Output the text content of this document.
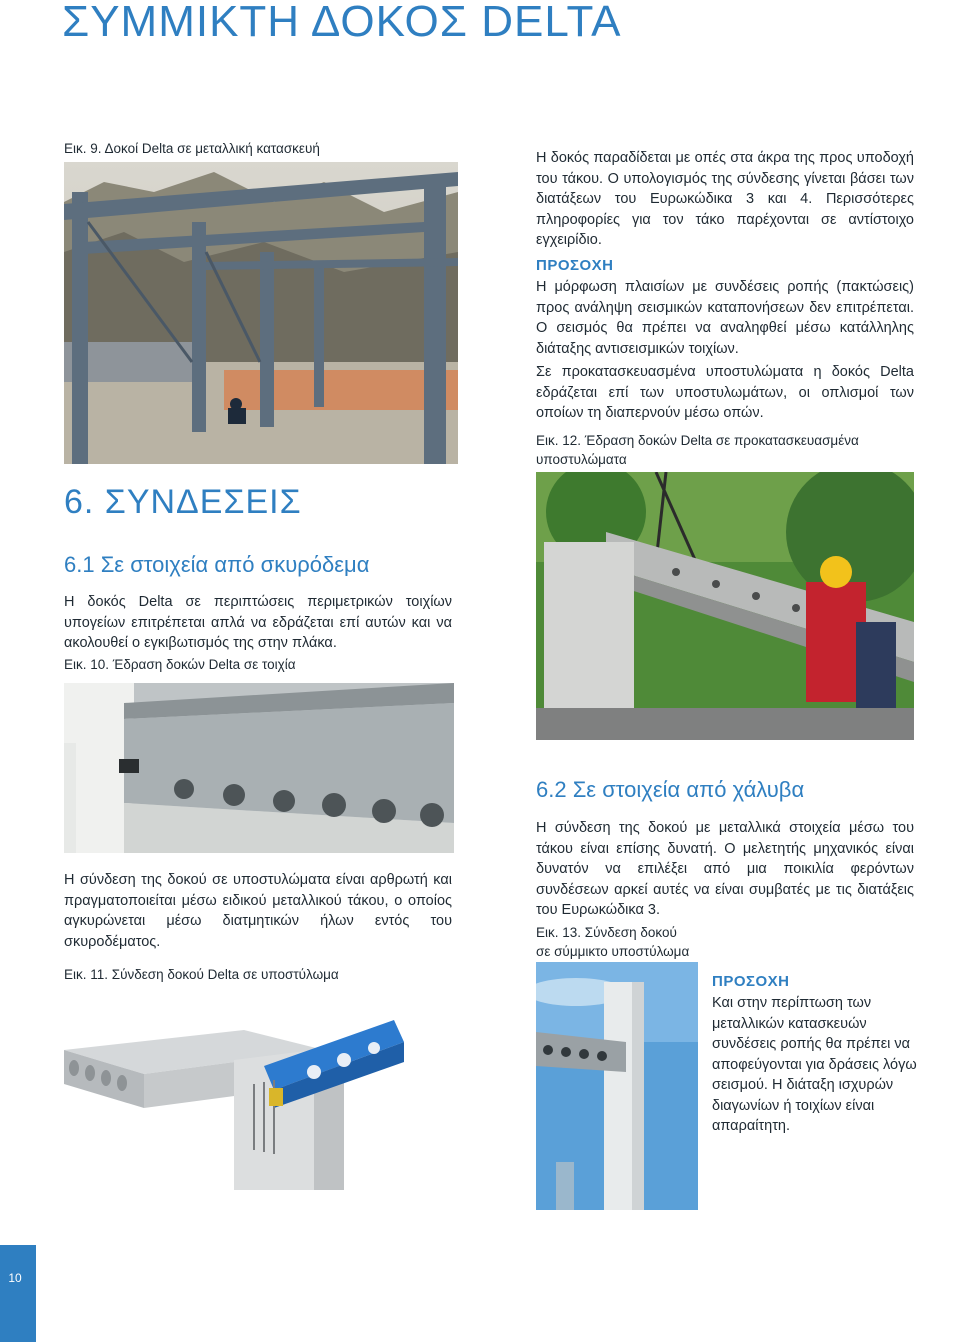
ΣΥΜΜΙΚΤΗ ΔΟΚΟΣ DELTA
Εικ. 9. Δοκοί Delta σε μεταλλική κατασκευή
Η δοκός παραδίδεται με οπές στα άκρα της προς υποδοχή του τάκου. Ο υπολογισμός της σύνδεσης γίνεται βάσει των διατάξεων του Ευρωκώδικα 3 και 4. Περισσότερες πληροφορίες για τον τάκο παρέχονται σε αντίστοιχο εγχειρίδιο.
ΠΡΟΣΟΧΗ
Η μόρφωση πλαισίων με συνδέσεις ροπής (πακτώσεις) προς ανάληψη σεισμικών καταπονήσεων δεν επιτρέπεται. Ο σεισμός θα πρέπει να αναληφθεί μέσω κατάλληλης διάταξης αντισεισμικών τοιχίων.
Σε προκατασκευασμένα υποστυλώματα η δοκός Delta εδράζεται επί των υποστυλωμάτων, οι οπλισμοί των οποίων τη διαπερνούν μέσω οπών.
Εικ. 12. Έδραση δοκών Delta σε προκατασκευασμένα
υποστυλώματα
6. ΣΥΝΔΕΣΕΙΣ
6.1 Σε στοιχεία από σκυρόδεμα
Η δοκός Delta σε περιπτώσεις περιμετρικών τοιχίων υπογείων επιτρέπεται απλά να εδράζεται επί αυτών και να ακολουθεί ο εγκιβωτισμός της στην πλάκα.
Εικ. 10. Έδραση δοκών Delta σε τοιχία
Η σύνδεση της δοκού σε υποστυλώματα είναι αρθρωτή και πραγματοποιείται μέσω ειδικού μεταλλικού τάκου, ο οποίος αγκυρώνεται μέσω διατμητικών ήλων εντός του σκυροδέματος.
Εικ. 11. Σύνδεση δοκού Delta σε υποστύλωμα
6.2 Σε στοιχεία από χάλυβα
Η σύνδεση της δοκού με μεταλλικά στοιχεία μέσω του τάκου είναι επίσης δυνατή. Ο μελετητής μηχανικός είναι δυνατόν να επιλέξει από μια ποικιλία φερόντων συνδέσεων αρκεί αυτές να είναι συμβατές με τις διατάξεις του Ευρωκώδικα 3.
Εικ. 13. Σύνδεση δοκού
σε σύμμικτο υποστύλωμα
ΠΡΟΣΟΧΗ
Και στην περίπτωση των μεταλλικών κατασκευών συνδέσεις ροπής θα πρέπει να αποφεύγονται για δράσεις λόγω σεισμού. Η διάταξη ισχυρών διαγωνίων ή τοιχίων είναι απαραίτητη.
10
